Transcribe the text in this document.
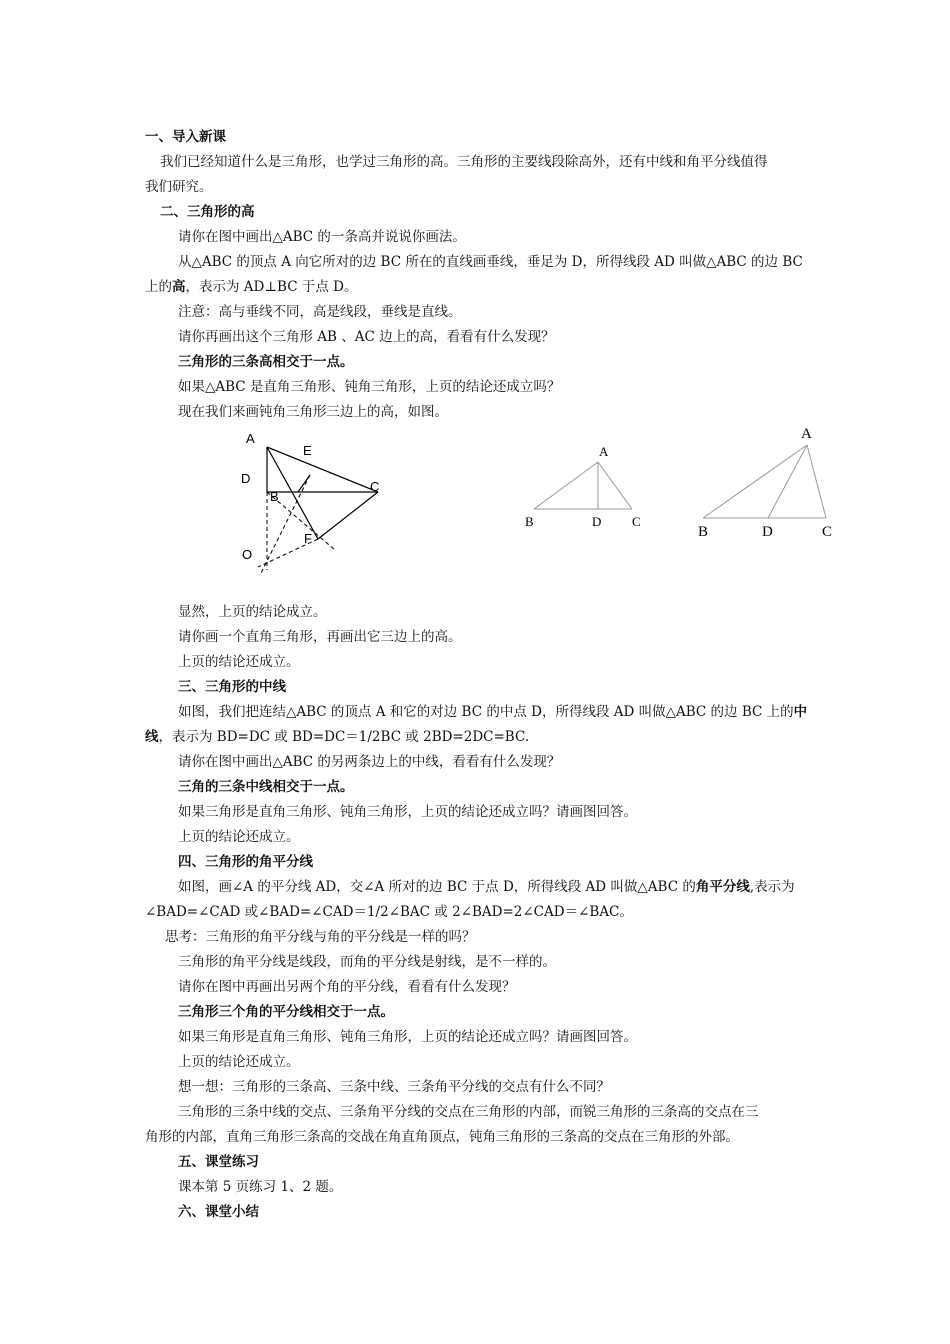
一、导入新课
我们已经知道什么是三角形，也学过三角形的高。三角形的主要线段除高外，还有中线和角平分线值得
我们研究。
二、三角形的高
请你在图中画出△ABC 的一条高并说说你画法。
从△ABC 的顶点 A 向它所对的边 BC 所在的直线画垂线，垂足为 D，所得线段 AD 叫做△ABC 的边 BC
上的高，表示为 AD⊥BC 于点 D。
注意：高与垂线不同，高是线段，垂线是直线。
请你再画出这个三角形 AB 、AC 边上的高，看看有什么发现？
三角形的三条高相交于一点。
如果△ABC 是直角三角形、钝角三角形，上页的结论还成立吗？
现在我们来画钝角三角形三边上的高，如图。
A
E
D
B
C
O
F
A
B	D C
A
B	D	C
显然，上页的结论成立。
请你画一个直角三角形，再画出它三边上的高。
上页的结论还成立。
三、三角形的中线
如图，我们把连结△ABC 的顶点 A 和它的对边 BC 的中点 D，所得线段 AD 叫做△ABC 的边 BC 上的中
线，表示为 BD=DC 或 BD=DC＝1/2BC 或 2BD=2DC=BC.
请你在图中画出△ABC 的另两条边上的中线，看看有什么发现？
三角的三条中线相交于一点。
如果三角形是直角三角形、钝角三角形，上页的结论还成立吗？请画图回答。
上页的结论还成立。
四、三角形的角平分线
如图，画∠A 的平分线 AD，交∠A 所对的边 BC 于点 D，所得线段 AD 叫做△ABC 的角平分线,表示为
∠BAD=∠CAD 或∠BAD=∠CAD＝1/2∠BAC 或 2∠BAD=2∠CAD＝∠BAC。
思考：三角形的角平分线与角的平分线是一样的吗？
三角形的角平分线是线段，而角的平分线是射线，是不一样的。
请你在图中再画出另两个角的平分线，看看有什么发现？
三角形三个角的平分线相交于一点。
如果三角形是直角三角形、钝角三角形，上页的结论还成立吗？请画图回答。
上页的结论还成立。
想一想：三角形的三条高、三条中线、三条角平分线的交点有什么不同？
三角形的三条中线的交点、三条角平分线的交点在三角形的内部，而锐三角形的三条高的交点在三
角形的内部，直角三角形三条高的交战在角直角顶点，钝角三角形的三条高的交点在三角形的外部。
五、课堂练习
课本第 5 页练习 1、2 题。
六、课堂小结
